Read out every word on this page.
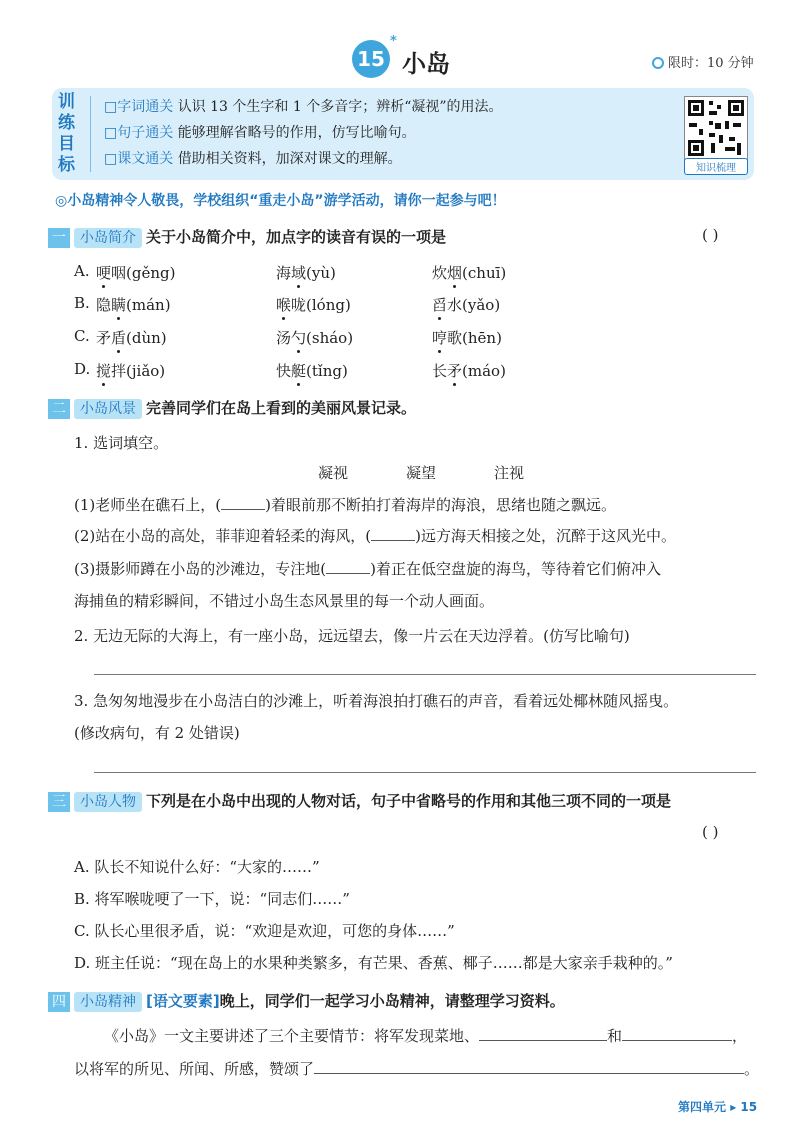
15
*
小岛	限时：10 分钟
训练目标
□字词通关 认识 13 个生字和 1 个多音字；辨析“凝视”的用法。
□句子通关 能够理解省略号的作用，仿写比喻句。
□课文通关 借助相关资料，加深对课文的理解。
知识梳理
◎小岛精神令人敬畏，学校组织“重走小岛”游学活动，请你一起参与吧！
一 小岛简介 关于小岛简介中，加点字的读音有误的一项是	( )
A. 哽咽(gěng)	海域(yù)	炊烟(chuī)
B. 隐瞒(mán)	喉咙(lóng)	舀水(yǎo)
C. 矛盾(dùn)	汤勺(sháo)	哼歌(hēn)
D. 搅拌(jiǎo)	快艇(tǐng)	长矛(máo)
二 小岛风景 完善同学们在岛上看到的美丽风景记录。
1. 选词填空。
凝视	凝望	注视
(1)老师坐在礁石上，(	)着眼前那不断拍打着海岸的海浪，思绪也随之飘远。
(2)站在小岛的高处，菲菲迎着轻柔的海风，(	)远方海天相接之处，沉醉于这风光中。
(3)摄影师蹲在小岛的沙滩边，专注地(	)着正在低空盘旋的海鸟，等待着它们俯冲入
海捕鱼的精彩瞬间，不错过小岛生态风景里的每一个动人画面。
2. 无边无际的大海上，有一座小岛，远远望去，像一片云在天边浮着。(仿写比喻句)
3. 急匆匆地漫步在小岛洁白的沙滩上，听着海浪拍打礁石的声音，看着远处椰林随风摇曳。
(修改病句，有 2 处错误)
三 小岛人物 下列是在小岛中出现的人物对话，句子中省略号的作用和其他三项不同的一项是
( )
A. 队长不知说什么好：“大家的……”
B. 将军喉咙哽了一下，说：“同志们……”
C. 队长心里很矛盾，说：“欢迎是欢迎，可您的身体……”
D. 班主任说：“现在岛上的水果种类繁多，有芒果、香蕉、椰子……都是大家亲手栽种的。”
四 小岛精神 [语文要素]晚上，同学们一起学习小岛精神，请整理学习资料。
《小岛》一文主要讲述了三个主要情节：将军发现菜地、	和	，
以将军的所见、所闻、所感，赞颂了	。
第四单元 ▸ 15
